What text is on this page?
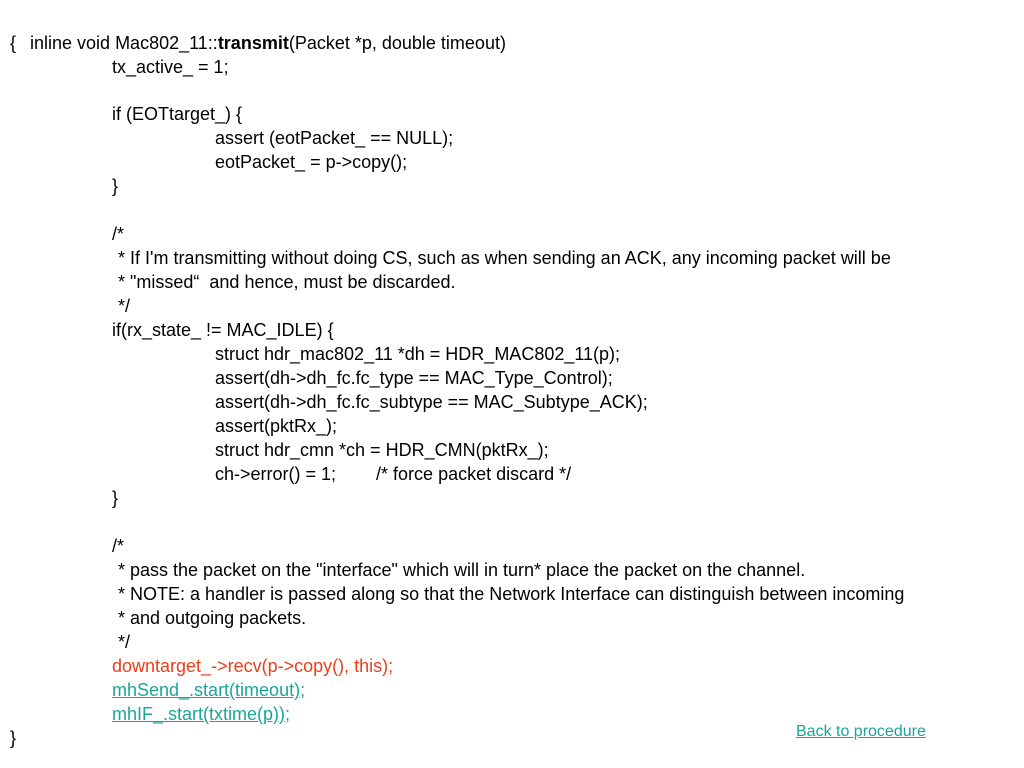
inline void Mac802_11::transmit(Packet *p, double timeout)

{
tx_active_ = 1;
if (EOTtarget_) {
assert (eotPacket_ == NULL);
eotPacket_ = p->copy();
}
/*
* If I'm transmitting without doing CS, such as when sending an ACK, any incoming packet will be
* "missed“  and hence, must be discarded.
*/
if(rx_state_ != MAC_IDLE) {
struct hdr_mac802_11 *dh = HDR_MAC802_11(p);
assert(dh->dh_fc.fc_type == MAC_Type_Control);
assert(dh->dh_fc.fc_subtype == MAC_Subtype_ACK);
assert(pktRx_);
struct hdr_cmn *ch = HDR_CMN(pktRx_);
ch->error() = 1;        /* force packet discard */
}
/*
* pass the packet on the "interface" which will in turn* place the packet on the channel.
* NOTE: a handler is passed along so that the Network Interface can distinguish between incoming
* and outgoing packets.
*/
downtarget_->recv(p->copy(), this);
mhSend_.start(timeout);
mhIF_.start(txtime(p));
}	Back to procedure
